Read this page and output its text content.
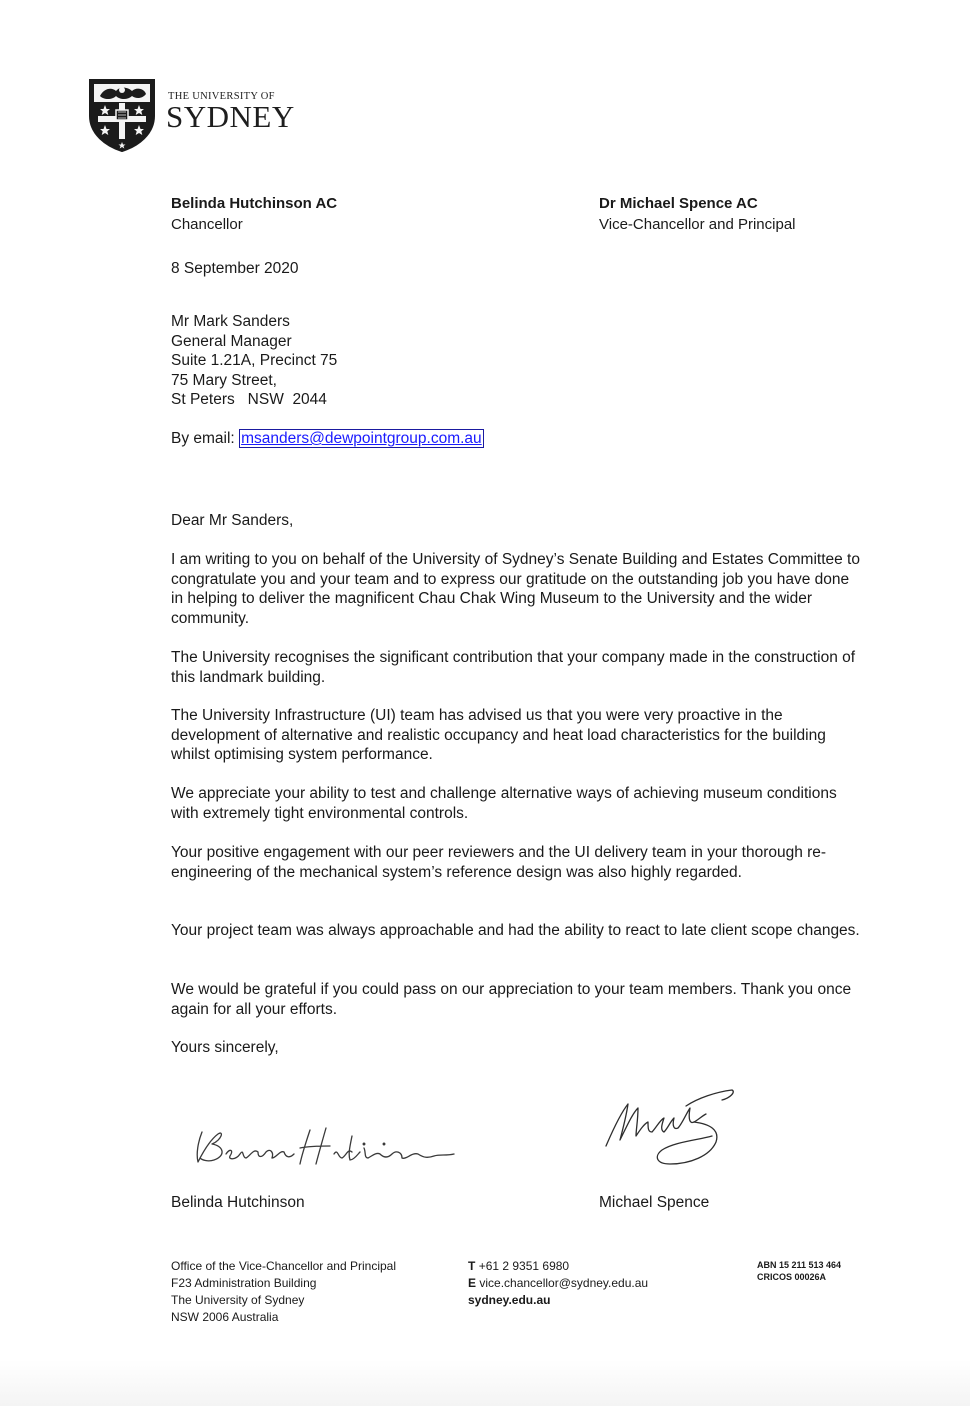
THE UNIVERSITY OF
SYDNEY
Belinda Hutchinson AC
Chancellor
Dr Michael Spence AC
Vice-Chancellor and Principal
8 September 2020
Mr Mark Sanders
General Manager
Suite 1.21A, Precinct 75
75 Mary Street,
St Peters   NSW  2044
By email: msanders@dewpointgroup.com.au
Dear Mr Sanders,
I am writing to you on behalf of the University of Sydney’s Senate Building and Estates Committee to congratulate you and your team and to express our gratitude on the outstanding job you have done in helping to deliver the magnificent Chau Chak Wing Museum to the University and the wider community.
The University recognises the significant contribution that your company made in the construction of this landmark building.
The University Infrastructure (UI) team has advised us that you were very proactive in the development of alternative and realistic occupancy and heat load characteristics for the building whilst optimising system performance.
We appreciate your ability to test and challenge alternative ways of achieving museum conditions with extremely tight environmental controls.
Your positive engagement with our peer reviewers and the UI delivery team in your thorough re-engineering of the mechanical system’s reference design was also highly regarded.
Your project team was always approachable and had the ability to react to late client scope changes.
We would be grateful if you could pass on our appreciation to your team members. Thank you once again for all your efforts.
Yours sincerely,
Belinda Hutchinson	Michael Spence
Office of the Vice-Chancellor and Principal
F23 Administration Building
The University of Sydney
NSW 2006 Australia
T +61 2 9351 6980
E vice.chancellor@sydney.edu.au
sydney.edu.au
ABN 15 211 513 464
CRICOS 00026A
